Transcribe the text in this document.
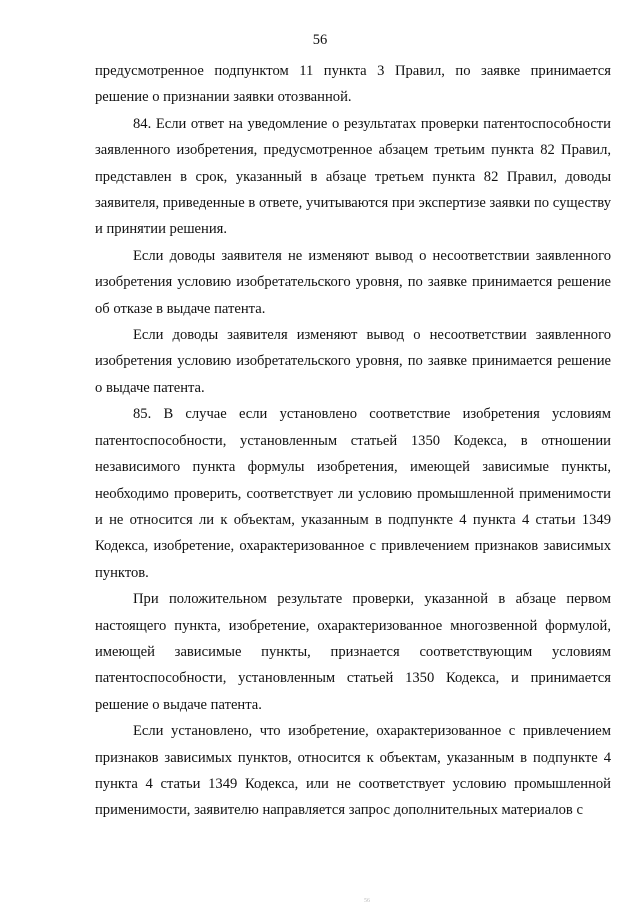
56

предусмотренное подпунктом 11 пункта 3 Правил, по заявке принимается решение о признании заявки отозванной.

84. Если ответ на уведомление о результатах проверки патентоспособности заявленного изобретения, предусмотренное абзацем третьим пункта 82 Правил, представлен в срок, указанный в абзаце третьем пункта 82 Правил, доводы заявителя, приведенные в ответе, учитываются при экспертизе заявки по существу и принятии решения.

Если доводы заявителя не изменяют вывод о несоответствии заявленного изобретения условию изобретательского уровня, по заявке принимается решение об отказе в выдаче патента.

Если доводы заявителя изменяют вывод о несоответствии заявленного изобретения условию изобретательского уровня, по заявке принимается решение о выдаче патента.

85. В случае если установлено соответствие изобретения условиям патентоспособности, установленным статьей 1350 Кодекса, в отношении независимого пункта формулы изобретения, имеющей зависимые пункты, необходимо проверить, соответствует ли условию промышленной применимости и не относится ли к объектам, указанным в подпункте 4 пункта 4 статьи 1349 Кодекса, изобретение, охарактеризованное с привлечением признаков зависимых пунктов.

При положительном результате проверки, указанной в абзаце первом настоящего пункта, изобретение, охарактеризованное многозвенной формулой, имеющей зависимые пункты, признается соответствующим условиям патентоспособности, установленным статьей 1350 Кодекса, и принимается решение о выдаче патента.

Если установлено, что изобретение, охарактеризованное с привлечением признаков зависимых пунктов, относится к объектам, указанным в подпункте 4 пункта 4 статьи 1349 Кодекса, или не соответствует условию промышленной применимости, заявителю направляется запрос дополнительных материалов с

56
